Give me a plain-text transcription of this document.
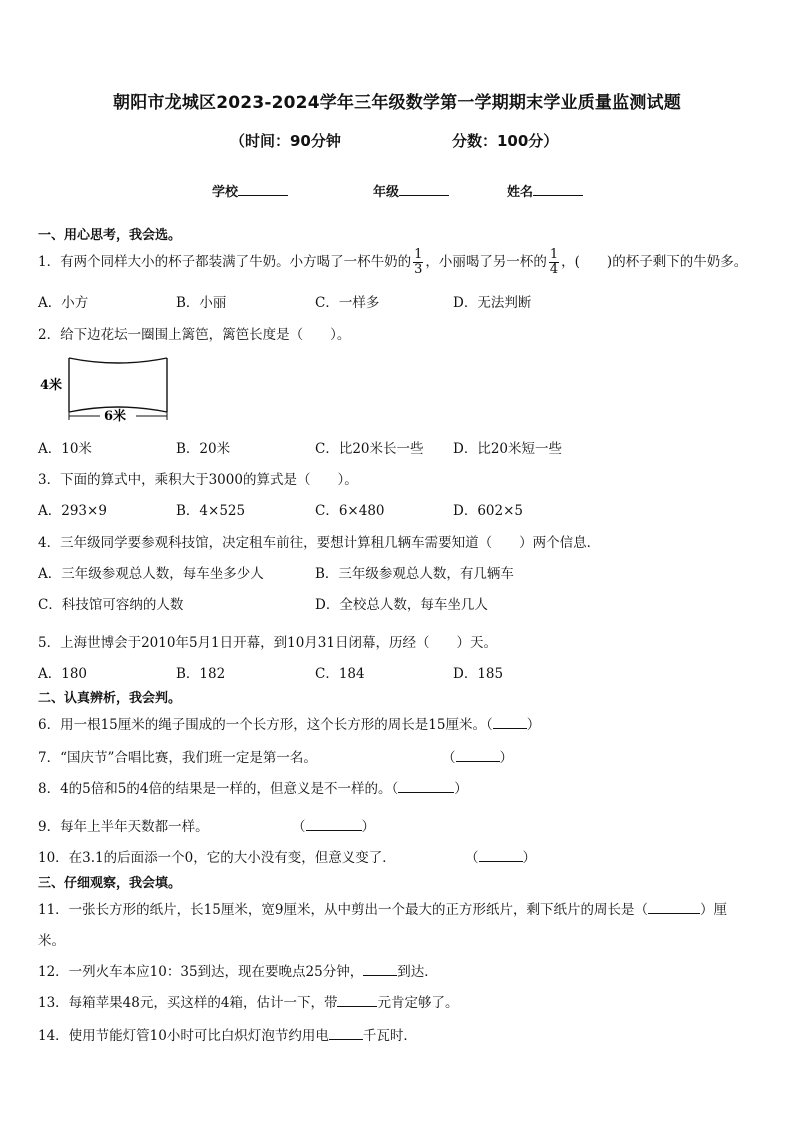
朝阳市龙城区2023-2024学年三年级数学第一学期期末学业质量监测试题
（时间：90分钟	分数：100分）
学校	年级	姓名
一、用心思考，我会选。
1．有两个同样大小的杯子都装满了牛奶。小方喝了一杯牛奶的 $\frac{1}{3}$ ，小丽喝了另一杯的 $\frac{1}{4}$ ，(　　)的杯子剩下的牛奶多。
A．小方	B．小丽	C．一样多	D．无法判断
2．给下边花坛一圈围上篱笆，篱笆长度是（　　）。
4米
6米
A．10米	B．20米	C．比20米长一些 D．比20米短一些
3．下面的算式中，乘积大于3000的算式是（　　）。
A．293×9	B．4×525	C．6×480	D．602×5
4．三年级同学要参观科技馆，决定租车前往，要想计算租几辆车需要知道（　　）两个信息．
A．三年级参观总人数，每车坐多少人	B．三年级参观总人数，有几辆车
C．科技馆可容纳的人数	D．全校总人数，每车坐几人
5．上海世博会于2010年5月1日开幕，到10月31日闭幕，历经（　　）天。
A．180	B．182	C．184	D．185
二、认真辨析，我会判。
6．用一根15厘米的绳子围成的一个长方形，这个长方形的周长是15厘米。（	）
7．“国庆节”合唱比赛，我们班一定是第一名。	（	）
8．4的5倍和5的4倍的结果是一样的，但意义是不一样的。（	）
9．每年上半年天数都一样。	（	）
10．在3.1的后面添一个0，它的大小没有变，但意义变了．	（	）
三、仔细观察，我会填。
11．一张长方形的纸片，长15厘米，宽9厘米，从中剪出一个最大的正方形纸片，剩下纸片的周长是（	）厘
米。
12．一列火车本应10：35到达，现在要晚点25分钟，	到达．
13．每箱苹果48元，买这样的4箱，估计一下，带	元肯定够了。
14．使用节能灯管10小时可比白炽灯泡节约用电	千瓦时．
